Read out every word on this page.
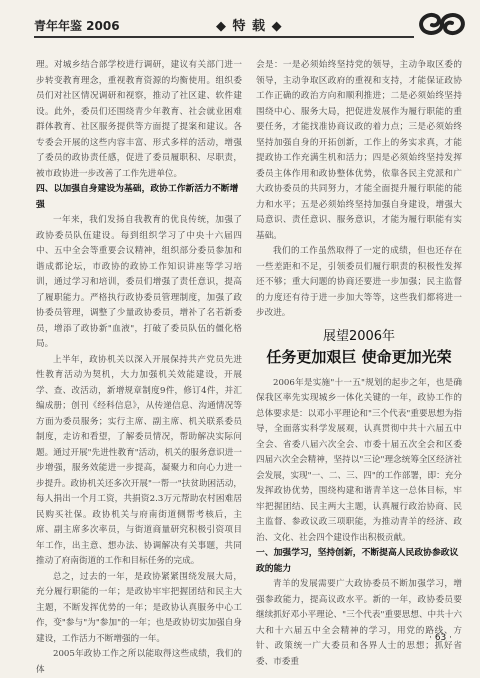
青年年鉴 2006	◆ 特 载 ◆

理。对城乡结合部学校进行调研，建议有关部门进一步转变教育理念，重视教育资源的均衡使用。组织委员们对社区情况调研和视察，推动了社区建、软件建设。此外，委员们还围绕青少年教育、社会就业困难群体教育、社区服务提供等方面提了提案和建议。各专委会开展的这些内容丰富、形式多样的活动，增强了委员的政协责任感，促进了委员履职积、尽职责，被市政协进一步改善了工作先进单位。

四、以加强自身建设为基础，政协工作新活力不断增强

一年来，我们发扬自我教育的优良传统，加强了政协委员队伍建设。每到组织学习了中央十六届四中、五中全会等重要会议精神，组织部分委员参加和谐成都论坛，市政协的政协工作知识讲座等学习培训，通过学习和培训，委员们增强了责任意识，提高了履职能力。严格执行政协委员管理制度，加强了政协委员管理，调整了少量政协委员，增补了名若新委员，增添了政协新"血液"，打破了委员队伍的僵化格局。

上半年，政协机关以深入开展保持共产党员先进性教育活动为契机，大力加强机关效能建设，开展学、查、改活动，新增规章制度9件，修订4件，并汇编成册；创刊《经科信息》，从传递信息、沟通情况等方面为委员服务；实行主席、副主席、机关联系委员制度，走访和看望，了解委员情况，帮助解决实际问题。通过开展"先进性教育"活动，机关的服务意识进一步增强，服务效能进一步提高，凝聚力和向心力进一步提升。政协机关还多次开展"一帮一"扶贫助困活动，每人捐出一个月工资，共捐资2.3万元帮助农村困难居民购买社保。政协机关与府南街道侧帮考核后，主席、副主席多次率员，与街道商量研究积极引资项目年工作，出主意、想办法、协调解决有关事题，共同推动了府南街道的工作和目标任务的完成。

总之，过去的一年，是政协紧紧围绕发展大局，充分履行职能的一年；是政协牢牢把握团结和民主大主题，不断发挥优势的一年；是政协认真服务中心工作，变"参与"为"参加"的一年；也是政协切实加强自身建设，工作活力不断增强的一年。

2005年政协工作之所以能取得这些成绩，我们的体

会是：一是必须始终坚持党的领导，主动争取区委的领导，主动争取区政府的重视和支持，才能保证政协工作正确的政治方向和顺利推进；二是必须始终坚持围绕中心、服务大局，把促进发展作为履行职能的重要任务，才能找准协商议政的着力点；三是必须始终坚持加强自身的开拓创新，工作上的务实求真，才能提政协工作充满生机和活力；四是必须始终坚持发挥委员主体作用和政协整体优势，依靠各民主党派和广大政协委员的共同努力，才能全面提升履行职能的能力和水平；五是必须始终坚持加强自身建设，增强大局意识、责任意识、服务意识，才能为履行职能有实基础。

我们的工作虽然取得了一定的成绩，但也还存在一些差距和不足，引领委员们履行职责的积极性发挥还不够；重大问题的协商还要进一步加强；民主监督的力度还有待于进一步加大等等，这些我们都将进一步改进。

展望2006年
任务更加艰巨 使命更加光荣

2006年是实施"十一五"规划的起步之年，也是确保我区率先实现城乡一体化关键的一年，政协工作的总体要求是：以邓小平理论和"三个代表"重要思想为指导，全面落实科学发展观，认真贯彻中共十六届五中全会、省委八届六次全会、市委十届五次全会和区委四届六次全会精神，坚持以"三论"理念统筹全区经济社会发展，实现"一、二、三、四"的工作部署，即：充分发挥政协优势，围绕构建和谐青羊这一总体目标，牢牢把握团结、民主两大主题，认真履行政治协商、民主监督、参政议政三项职能，为推动青羊的经济、政治、文化、社会四个建设作出积极贡献。

一、加强学习，坚持创新，不断提高人民政协参政议政的能力

青羊的发展需要广大政协委员不断加强学习，增强参政能力，提高议政水平。新的一年，政协委员要继续抓好邓小平理论、"三个代表"重要思想、中共十六大和十六届五中全会精神的学习，用党的路线、方针、政策统一广大委员和各界人士的思想；抓好省委、市委重

· 63 ·
